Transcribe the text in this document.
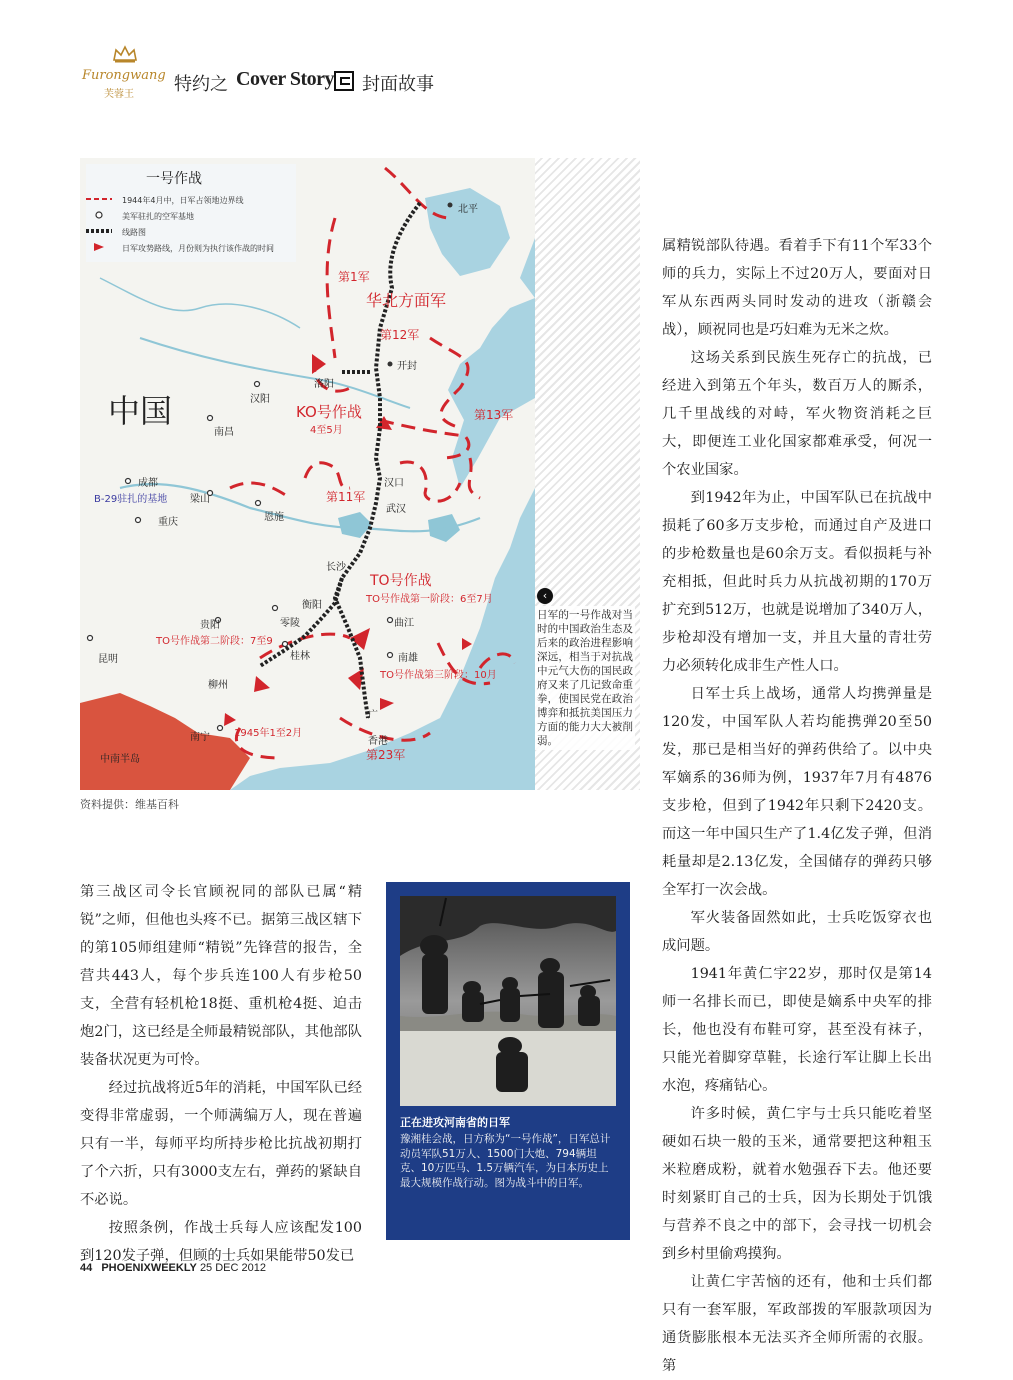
Furongwang
芙蓉王 特约之 Cover Story 封面故事
一号作战
1944年4月中，日军占领地边界线
美军驻扎的空军基地
线路图
日军攻势路线，月份则为执行该作战的时间
北平
第1军
华北方面军
第12军
开封
洛阳
KO号作战
4至5月
第13军
中国	汉阳
南昌
成都
B-29驻扎的基地 梁山
恩施
重庆
第11军
汉口
武汉
长沙
TO号作战
TO号作战第一阶段：6至7月
衡阳
贵阳	零陵
TO号作战第二阶段：7至9
曲江
昆明	桂林	南雄
TO号作战第三阶段：10月
柳州
广
香港
南宁 1945年1至2月
第23军
中南半岛
‹
日军的一号作战对当时的中国政治生态及后来的政治进程影响深远，相当于对抗战中元气大伤的国民政府又来了几记致命重拳，使国民党在政治博弈和抵抗美国压力方面的能力大大被削弱。
资料提供：维基百科

属精锐部队待遇。看着手下有11个军33个师的兵力，实际上不过20万人，要面对日军从东西两头同时发动的进攻（浙赣会战），顾祝同也是巧妇难为无米之炊。

这场关系到民族生死存亡的抗战，已经进入到第五个年头，数百万人的厮杀，几千里战线的对峙，军火物资消耗之巨大，即便连工业化国家都难承受，何况一个农业国家。

到1942年为止，中国军队已在抗战中损耗了60多万支步枪，而通过自产及进口的步枪数量也是60余万支。看似损耗与补充相抵，但此时兵力从抗战初期的170万扩充到512万，也就是说增加了340万人，步枪却没有增加一支，并且大量的青壮劳力必须转化成非生产性人口。

日军士兵上战场，通常人均携弹量是120发，中国军队人若均能携弹20至50发，那已是相当好的弹药供给了。以中央军嫡系的36师为例，1937年7月有4876支步枪，但到了1942年只剩下2420支。而这一年中国只生产了1.4亿发子弹，但消耗量却是2.13亿发，全国储存的弹药只够全军打一次会战。

军火装备固然如此，士兵吃饭穿衣也成问题。

1941年黄仁宇22岁，那时仅是第14师一名排长而已，即使是嫡系中央军的排长，他也没有布鞋可穿，甚至没有袜子，只能光着脚穿草鞋，长途行军让脚上长出水泡，疼痛钻心。

许多时候，黄仁宇与士兵只能吃着坚硬如石块一般的玉米，通常要把这种粗玉米粒磨成粉，就着水勉强吞下去。他还要时刻紧盯自己的士兵，因为长期处于饥饿与营养不良之中的部下，会寻找一切机会到乡村里偷鸡摸狗。

让黄仁宇苦恼的还有，他和士兵们都只有一套军服，军政部拨的军服款项因为通货膨胀根本无法买齐全师所需的衣服。第

第三战区司令长官顾祝同的部队已属“精锐”之师，但他也头疼不已。据第三战区辖下的第105师组建师“精锐”先锋营的报告，全营共443人，每个步兵连100人有步枪50支，全营有轻机枪18挺、重机枪4挺、迫击炮2门，这已经是全师最精锐部队，其他部队装备状况更为可怜。

经过抗战将近5年的消耗，中国军队已经变得非常虚弱，一个师满编万人，现在普遍只有一半，每师平均所持步枪比抗战初期打了个六折，只有3000支左右，弹药的紧缺自不必说。

按照条例，作战士兵每人应该配发100到120发子弹，但顾的士兵如果能带50发已

正在进攻河南省的日军
豫湘桂会战，日方称为“一号作战”，日军总计动员军队51万人、1500门大炮、794辆坦克、10万匹马、1.5万辆汽车，为日本历史上最大规模作战行动。图为战斗中的日军。
44 PHOENIXWEEKLY 25 DEC 2012
